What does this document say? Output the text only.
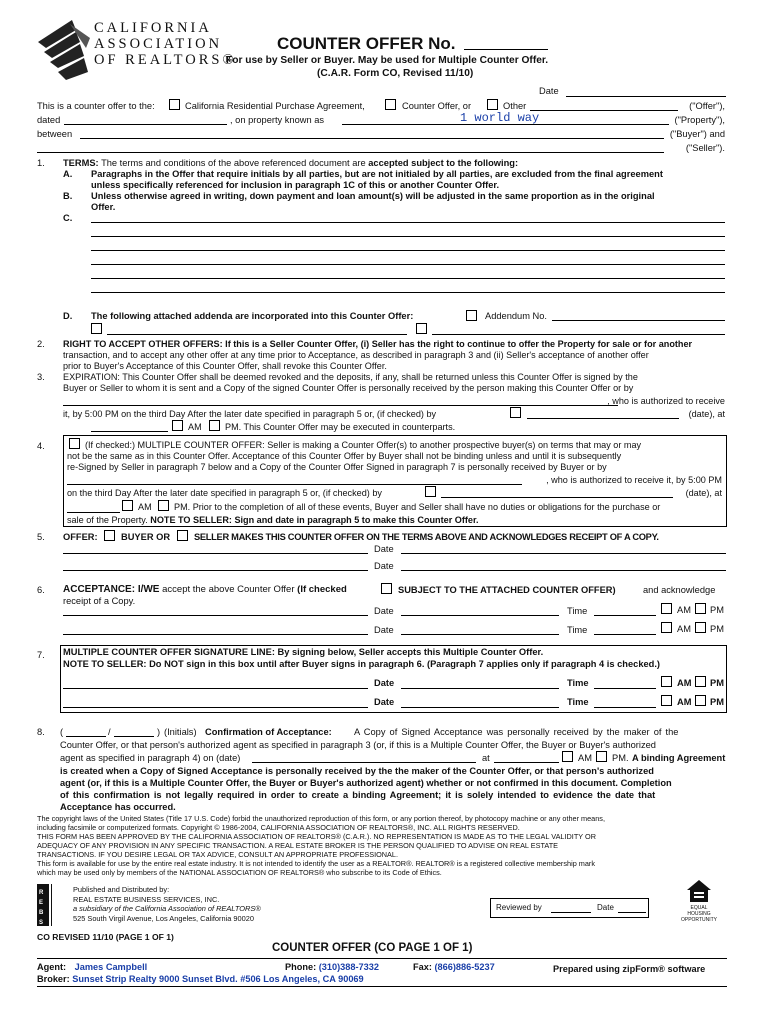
CALIFORNIA
ASSOCIATION
OF REALTORS®
COUNTER OFFER No.
For use by Seller or Buyer. May be used for Multiple Counter Offer.
(C.A.R. Form CO, Revised 11/10)
Date
This is a counter offer to the:	California Residential Purchase Agreement,	Counter Offer, or	Other	("Offer"),
dated	, on property known as	1 world way	("Property"),
between	("Buyer") and
("Seller").
1. TERMS: The terms and conditions of the above referenced document are accepted subject to the following:
A. Paragraphs in the Offer that require initials by all parties, but are not initialed by all parties, are excluded from the final agreement
unless specifically referenced for inclusion in paragraph 1C of this or another Counter Offer.
B. Unless otherwise agreed in writing, down payment and loan amount(s) will be adjusted in the same proportion as in the original
Offer.
C.
D. The following attached addenda are incorporated into this Counter Offer:	Addendum No.
2. RIGHT TO ACCEPT OTHER OFFERS: If this is a Seller Counter Offer, (i) Seller has the right to continue to offer the Property for sale or for another
transaction, and to accept any other offer at any time prior to Acceptance, as described in paragraph 3 and (ii) Seller's acceptance of another offer
prior to Buyer's Acceptance of this Counter Offer, shall revoke this Counter Offer.
3. EXPIRATION: This Counter Offer shall be deemed revoked and the deposits, if any, shall be returned unless this Counter Offer is signed by the
Buyer or Seller to whom it is sent and a Copy of the signed Counter Offer is personally received by the person making this Counter Offer or by
, who is authorized to receive
it, by 5:00 PM on the third Day After the later date specified in paragraph 5 or, (if checked) by	(date), at
AM	PM. This Counter Offer may be executed in counterparts.
4.	(If checked:) MULTIPLE COUNTER OFFER: Seller is making a Counter Offer(s) to another prospective buyer(s) on terms that may or may
not be the same as in this Counter Offer. Acceptance of this Counter Offer by Buyer shall not be binding unless and until it is subsequently
re-Signed by Seller in paragraph 7 below and a Copy of the Counter Offer Signed in paragraph 7 is personally received by Buyer or by
, who is authorized to receive it, by 5:00 PM
on the third Day After the later date specified in paragraph 5 or, (if checked) by	(date), at
AM PM. Prior to the completion of all of these events, Buyer and Seller shall have no duties or obligations for the purchase or
sale of the Property. NOTE TO SELLER: Sign and date in paragraph 5 to make this Counter Offer.
5. OFFER:	BUYER OR	SELLER MAKES THIS COUNTER OFFER ON THE TERMS ABOVE AND ACKNOWLEDGES RECEIPT OF A COPY.
Date
Date
6. ACCEPTANCE: I/WE accept the above Counter Offer (If checked	SUBJECT TO THE ATTACHED COUNTER OFFER)	and acknowledge
receipt of a Copy.
Date	Time	AM PM
Date	Time	AM PM
7. MULTIPLE COUNTER OFFER SIGNATURE LINE: By signing below, Seller accepts this Multiple Counter Offer.
NOTE TO SELLER: Do NOT sign in this box until after Buyer signs in paragraph 6. (Paragraph 7 applies only if paragraph 4 is checked.)
Date	Time	AM PM
Date	Time	AM PM
8. (	/	) (Initials) Confirmation of Acceptance: A Copy of Signed Acceptance was personally received by the maker of the
Counter Offer, or that person's authorized agent as specified in paragraph 3 (or, if this is a Multiple Counter Offer, the Buyer or Buyer's authorized
agent as specified in paragraph 4) on (date)	at	AM PM. A binding Agreement
is created when a Copy of Signed Acceptance is personally received by the the maker of the Counter Offer, or that person's authorized
agent (or, if this is a Multiple Counter Offer, the Buyer or Buyer's authorized agent) whether or not confirmed in this document. Completion
of this confirmation is not legally required in order to create a binding Agreement; it is solely intended to evidence the date that
Acceptance has occurred.
The copyright laws of the United States (Title 17 U.S. Code) forbid the unauthorized reproduction of this form, or any portion thereof, by photocopy machine or any other means,
including facsimile or computerized formats. Copyright © 1986-2004, CALIFORNIA ASSOCIATION OF REALTORS®, INC. ALL RIGHTS RESERVED.
THIS FORM HAS BEEN APPROVED BY THE CALIFORNIA ASSOCIATION OF REALTORS® (C.A.R.). NO REPRESENTATION IS MADE AS TO THE LEGAL VALIDITY OR
ADEQUACY OF ANY PROVISION IN ANY SPECIFIC TRANSACTION. A REAL ESTATE BROKER IS THE PERSON QUALIFIED TO ADVISE ON REAL ESTATE
TRANSACTIONS. IF YOU DESIRE LEGAL OR TAX ADVICE, CONSULT AN APPROPRIATE PROFESSIONAL.
This form is available for use by the entire real estate industry. It is not intended to identify the user as a REALTOR®. REALTOR® is a registered collective membership mark
which may be used only by members of the NATIONAL ASSOCIATION OF REALTORS® who subscribe to its Code of Ethics.
R
E
B
S
Published and Distributed by:
REAL ESTATE BUSINESS SERVICES, INC.
a subsidiary of the California Association of REALTORS®
525 South Virgil Avenue, Los Angeles, California 90020
Reviewed by	Date	EQUAL HOUSING
OPPORTUNITY
CO REVISED 11/10 (PAGE 1 OF 1)
COUNTER OFFER (CO PAGE 1 OF 1)
Agent: James Campbell	Phone: (310)388-7332	Fax: (866)886-5237	Prepared using zipForm® software
Broker: Sunset Strip Realty 9000 Sunset Blvd. #506 Los Angeles, CA 90069
